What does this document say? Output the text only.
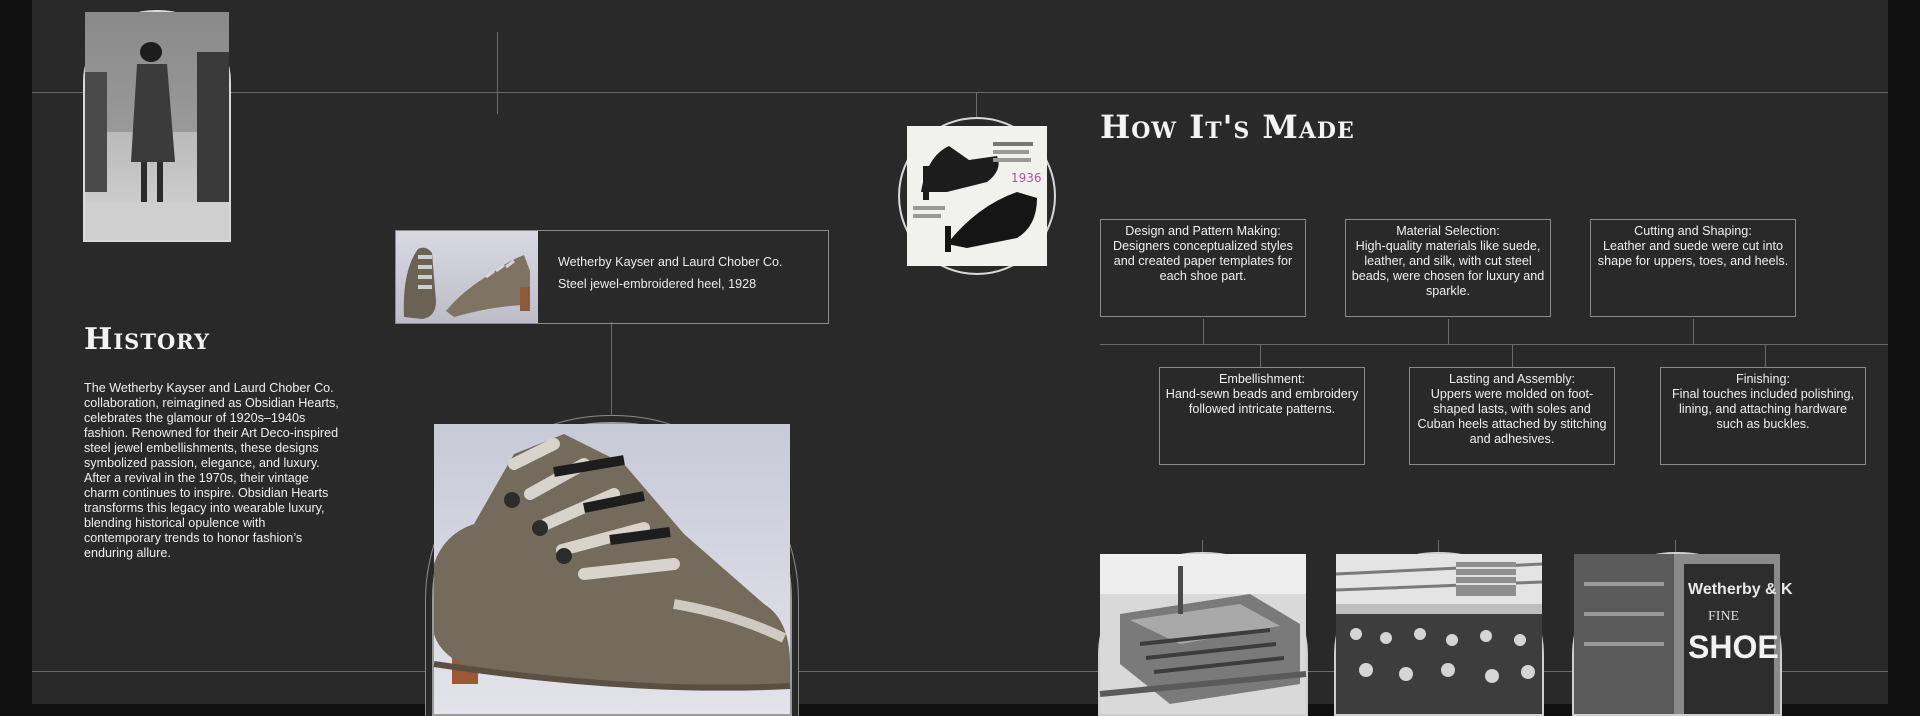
History
The Wetherby Kayser and Laurd Chober Co. collaboration, reimagined as Obsidian Hearts, celebrates the glamour of 1920s–1940s fashion. Renowned for their Art Deco-inspired steel jewel embellishments, these designs symbolized passion, elegance, and luxury. After a revival in the 1970s, their vintage charm continues to inspire. Obsidian Hearts transforms this legacy into wearable luxury, blending historical opulence with contemporary trends to honor fashion’s enduring allure.
Wetherby Kayser and Laurd Chober Co.
Steel jewel-embroidered heel, 1928
1936
How It's Made
Design and Pattern Making:
Designers conceptualized styles and created paper templates for each shoe part.
Material Selection:
High-quality materials like suede, leather, and silk, with cut steel beads, were chosen for luxury and sparkle.
Cutting and Shaping:
Leather and suede were cut into shape for uppers, toes, and heels.
Embellishment:
Hand-sewn beads and embroidery followed intricate patterns.
Lasting and Assembly:
Uppers were molded on foot-shaped lasts, with soles and Cuban heels attached by stitching and adhesives.
Finishing:
Final touches included polishing, lining, and attaching hardware such as buckles.
Wetherby & K
FINE
SHOE
